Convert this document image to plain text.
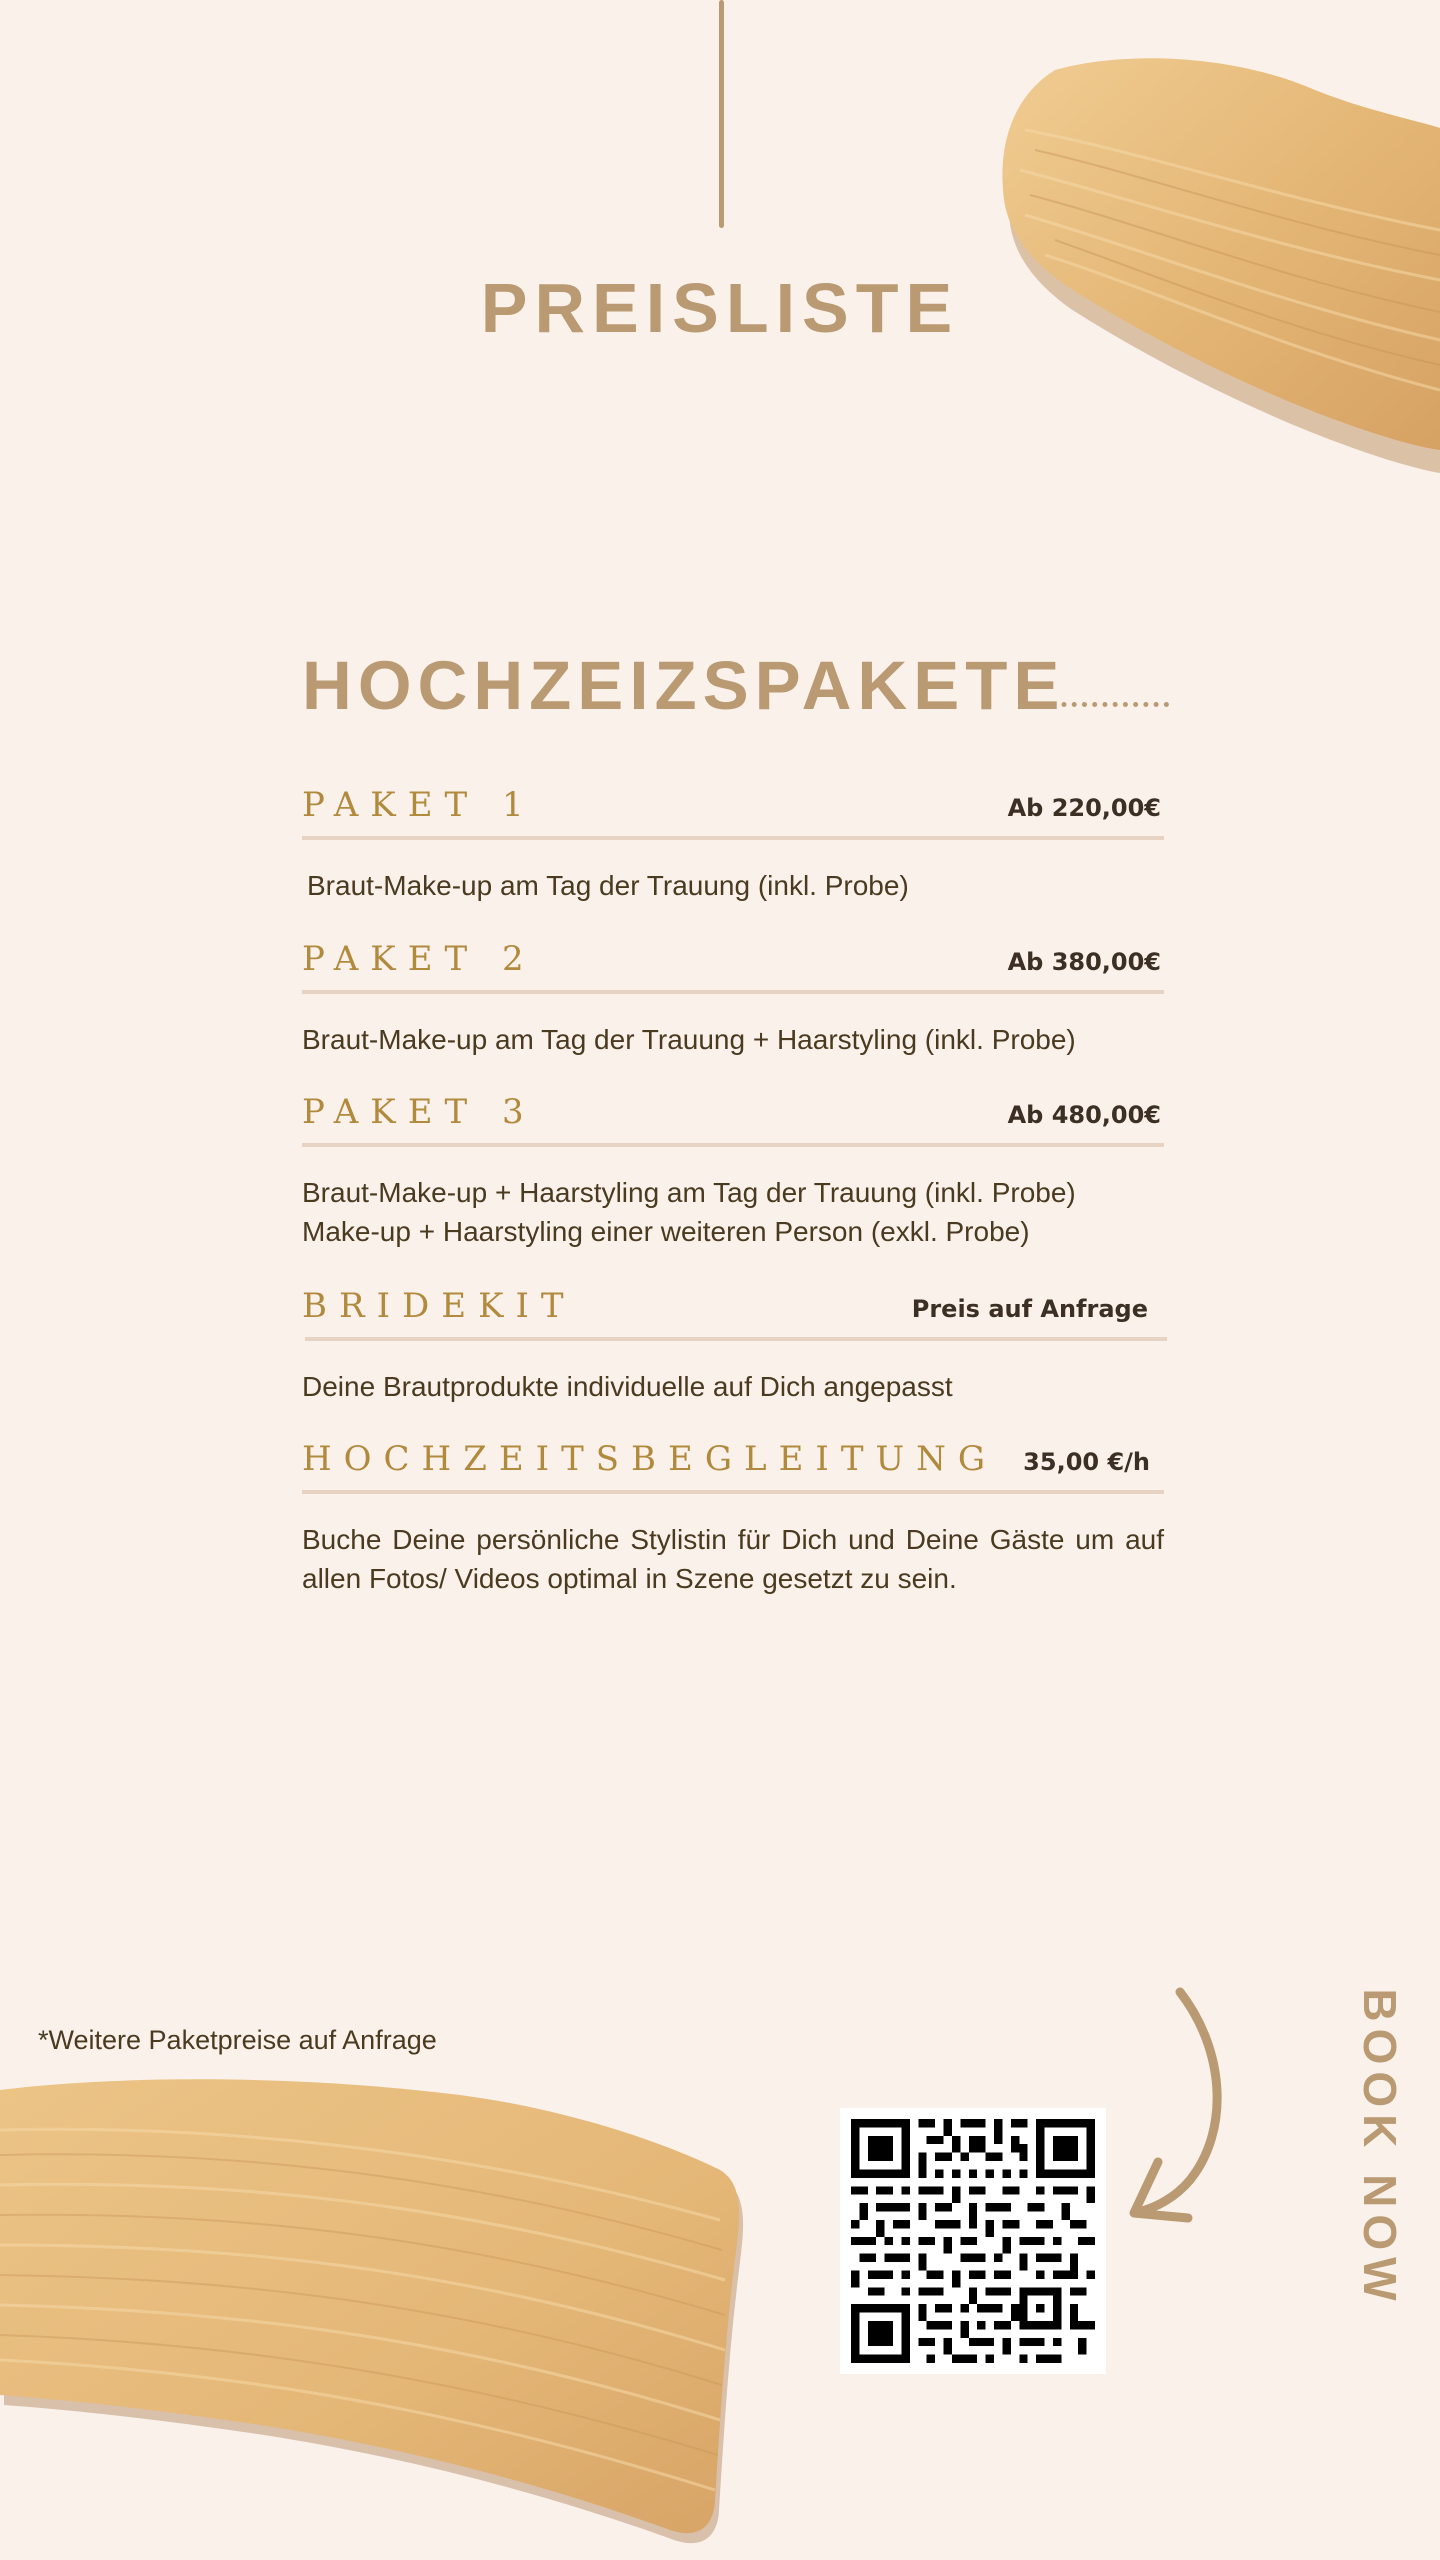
PREISLISTE
HOCHZEIZSPAKETE
PAKET 1	Ab 220,00€
Braut-Make-up am Tag der Trauung (inkl. Probe)
PAKET 2	Ab 380,00€
Braut-Make-up am Tag der Trauung + Haarstyling (inkl. Probe)
PAKET 3	Ab 480,00€
Braut-Make-up + Haarstyling am Tag der Trauung (inkl. Probe)
Make-up + Haarstyling einer weiteren Person (exkl. Probe)
BRIDEKIT	Preis auf Anfrage
Deine Brautprodukte individuelle auf Dich angepasst
HOCHZEITSBEGLEITUNG 35,00 €/h
Buche Deine persönliche Stylistin für Dich und Deine Gäste um auf allen Fotos/ Videos optimal in Szene gesetzt zu sein.
*Weitere Paketpreise auf Anfrage	BOOK NOW
